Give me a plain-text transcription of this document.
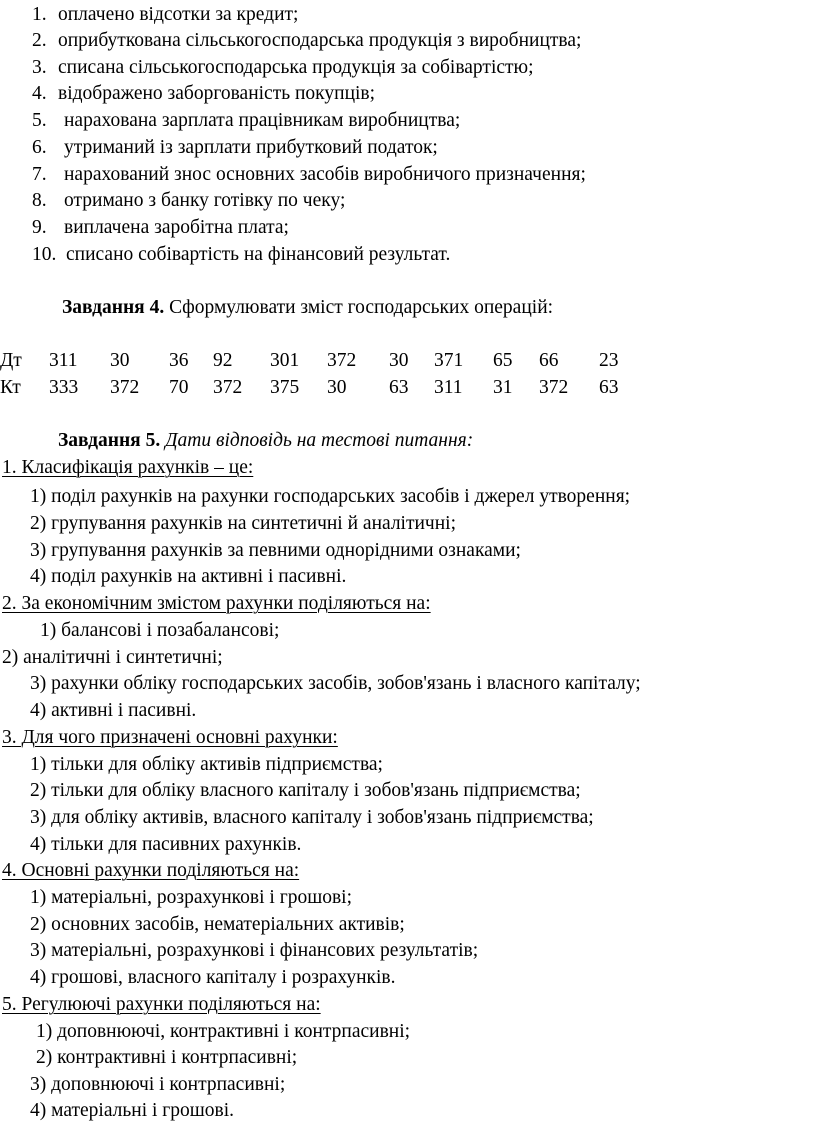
1. оплачено відсотки за кредит;
2. оприбуткована сільськогосподарська продукція з виробництва;
3. списана сільськогосподарська продукція за собівартістю;
4. відображено заборгованість покупців;
5. нарахована зарплата працівникам виробництва;
6. утриманий із зарплати прибутковий податок;
7. нарахований знос основних засобів виробничого призначення;
8. отримано з банку готівку по чеку;
9. виплачена заробітна плата;
10. списано собівартість на фінансовий результат.
Завдання 4. Сформулювати зміст господарських операцій:
Дт 311 30 36 92 301 372 30 371 65 66 23
Кт 333 372 70 372 375 30 63 311 31 372 63
Завдання 5. Дати відповідь на тестові питання:
1. Класифікація рахунків – це:
1) поділ рахунків на рахунки господарських засобів і джерел утворення;
2) групування рахунків на синтетичні й аналітичні;
3) групування рахунків за певними однорідними ознаками;
4) поділ рахунків на активні і пасивні.
2. За економічним змістом рахунки поділяються на:
1) балансові і позабалансові;
2) аналітичні і синтетичні;
3) рахунки обліку господарських засобів, зобов'язань і власного капіталу;
4) активні і пасивні.
3. Для чого призначені основні рахунки:
1) тільки для обліку активів підприємства;
2) тільки для обліку власного капіталу і зобов'язань підприємства;
3) для обліку активів, власного капіталу і зобов'язань підприємства;
4) тільки для пасивних рахунків.
4. Основні рахунки поділяються на:
1) матеріальні, розрахункові і грошові;
2) основних засобів, нематеріальних активів;
3) матеріальні, розрахункові і фінансових результатів;
4) грошові, власного капіталу і розрахунків.
5. Регулюючі рахунки поділяються на:
1) доповнюючі, контрактивні і контрпасивні;
2) контрактивні і контрпасивні;
3) доповнюючі і контрпасивні;
4) матеріальні і грошові.
